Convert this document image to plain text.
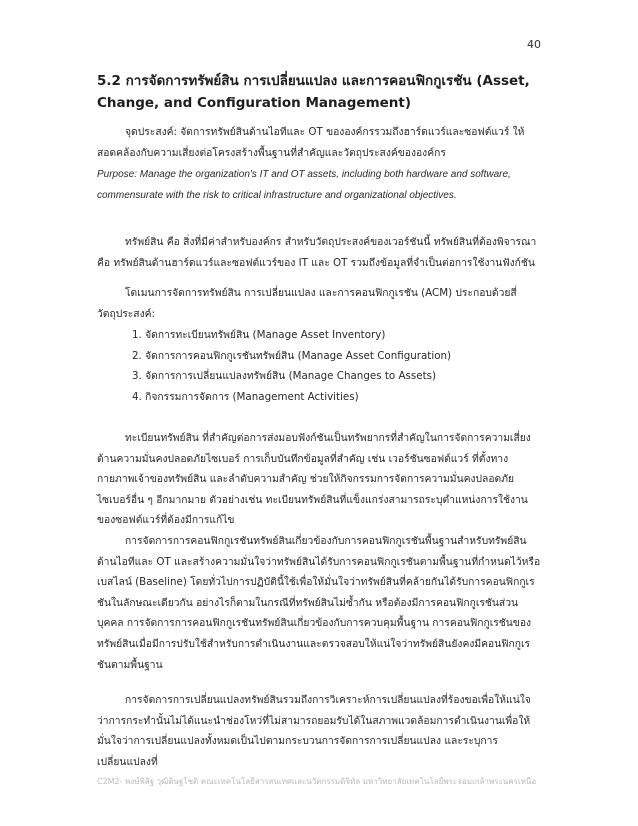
40
5.2 การจัดการทรัพย์สิน การเปลี่ยนแปลง และการคอนฟิกกูเรชัน (Asset, Change, and Configuration Management)
จุดประสงค์: จัดการทรัพย์สินด้านไอทีและ OT ขององค์กรรวมถึงฮาร์ดแวร์และซอฟต์แวร์ ให้สอดคล้องกับความเสี่ยงต่อโครงสร้างพื้นฐานที่สำคัญและวัตถุประสงค์ขององค์กร
Purpose: Manage the organization's IT and OT assets, including both hardware and software, commensurate with the risk to critical infrastructure and organizational objectives.
ทรัพย์สิน คือ สิ่งที่มีค่าสำหรับองค์กร สำหรับวัตถุประสงค์ของเวอร์ชันนี้ ทรัพย์สินที่ต้องพิจารณา คือ ทรัพย์สินด้านฮาร์ดแวร์และซอฟต์แวร์ของ IT และ OT รวมถึงข้อมูลที่จำเป็นต่อการใช้งานฟังก์ชัน
โดเมนการจัดการทรัพย์สิน การเปลี่ยนแปลง และการคอนฟิกกูเรชัน (ACM) ประกอบด้วยสี่วัตถุประสงค์:
1. จัดการทะเบียนทรัพย์สิน (Manage Asset Inventory)
2. จัดการการคอนฟิกกูเรชันทรัพย์สิน (Manage Asset Configuration)
3. จัดการการเปลี่ยนแปลงทรัพย์สิน (Manage Changes to Assets)
4. กิจกรรมการจัดการ (Management Activities)
ทะเบียนทรัพย์สิน ที่สำคัญต่อการส่งมอบฟังก์ชันเป็นทรัพยากรที่สำคัญในการจัดการความเสี่ยงด้านความมั่นคงปลอดภัยไซเบอร์ การเก็บบันทึกข้อมูลที่สำคัญ เช่น เวอร์ชันซอฟต์แวร์ ที่ตั้งทางกายภาพเจ้าของทรัพย์สิน และลำดับความสำคัญ ช่วยให้กิจกรรมการจัดการความมั่นคงปลอดภัยไซเบอร์อื่น ๆ อีกมากมาย ตัวอย่างเช่น ทะเบียนทรัพย์สินที่แข็งแกร่งสามารถระบุตำแหน่งการใช้งานของซอฟต์แวร์ที่ต้องมีการแก้ไข
การจัดการการคอนฟิกกูเรชันทรัพย์สินเกี่ยวข้องกับการคอนฟิกกูเรชันพื้นฐานสำหรับทรัพย์สินด้านไอทีและ OT และสร้างความมั่นใจว่าทรัพย์สินได้รับการคอนฟิกกูเรชันตามพื้นฐานที่กำหนดไว้หรือเบสไลน์ (Baseline) โดยทั่วไปการปฏิบัตินี้ใช้เพื่อให้มั่นใจว่าทรัพย์สินที่คล้ายกันได้รับการคอนฟิกกูเรชันในลักษณะเดียวกัน อย่างไรก็ตามในกรณีที่ทรัพย์สินไม่ซ้ำกัน หรือต้องมีการคอนฟิกกูเรชันส่วนบุคคล การจัดการการคอนฟิกกูเรชันทรัพย์สินเกี่ยวข้องกับการควบคุมพื้นฐาน การคอนฟิกกูเรชันของทรัพย์สินเมื่อมีการปรับใช้สำหรับการดำเนินงานและตรวจสอบให้แน่ใจว่าทรัพย์สินยังคงมีคอนฟิกกูเรชันตามพื้นฐาน
การจัดการการเปลี่ยนแปลงทรัพย์สินรวมถึงการวิเคราะห์การเปลี่ยนแปลงที่ร้องขอเพื่อให้แน่ใจว่าการกระทำนั้นไม่ได้แนะนำช่องโหว่ที่ไม่สามารถยอมรับได้ในสภาพแวดล้อมการดำเนินงานเพื่อให้มั่นใจว่าการเปลี่ยนแปลงทั้งหมดเป็นไปตามกระบวนการจัดการการเปลี่ยนแปลง และระบุการเปลี่ยนแปลงที่
C2M2- พงษ์พิสิฐ วุฒิดิษฐโชติ คณะเทคโนโลยีสารสนเทศและนวัตกรรมดิจิทัล มหาวิทยาลัยเทคโนโลยีพระจอมเกล้าพระนครเหนือ
